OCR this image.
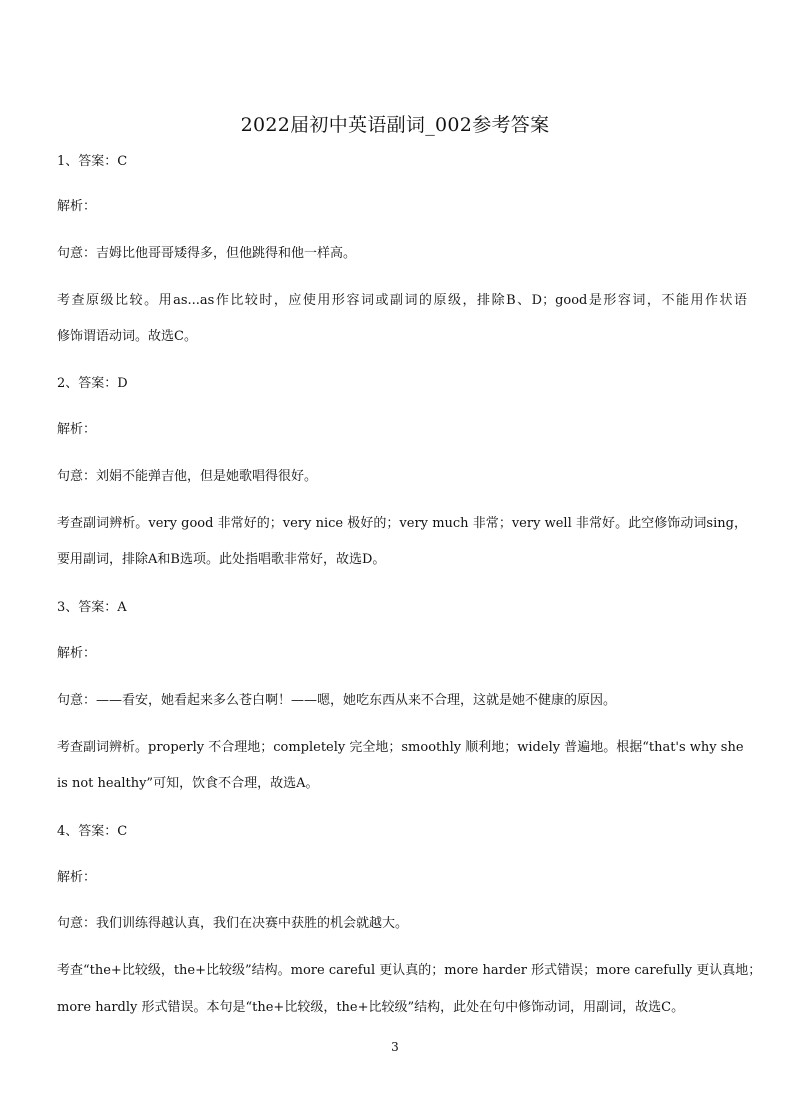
2022届初中英语副词_002参考答案
1、答案：C
解析：
句意：吉姆比他哥哥矮得多，但他跳得和他一样高。
考查原级比较。用as...as作比较时，应使用形容词或副词的原级，排除B、D；good是形容词，不能用作状语
修饰谓语动词。故选C。
2、答案：D
解析：
句意：刘娟不能弹吉他，但是她歌唱得很好。
考查副词辨析。very good 非常好的；very nice 极好的；very much 非常；very well 非常好。此空修饰动词sing，
要用副词，排除A和B选项。此处指唱歌非常好，故选D。
3、答案：A
解析：
句意：——看安，她看起来多么苍白啊！——嗯，她吃东西从来不合理，这就是她不健康的原因。
考查副词辨析。properly 不合理地；completely 完全地；smoothly 顺利地；widely 普遍地。根据“that's why she
is not healthy”可知，饮食不合理，故选A。
4、答案：C
解析：
句意：我们训练得越认真，我们在决赛中获胜的机会就越大。
考查“the+比较级，the+比较级”结构。more careful 更认真的；more harder 形式错误；more carefully 更认真地；
more hardly 形式错误。本句是“the+比较级，the+比较级”结构，此处在句中修饰动词，用副词，故选C。
3
